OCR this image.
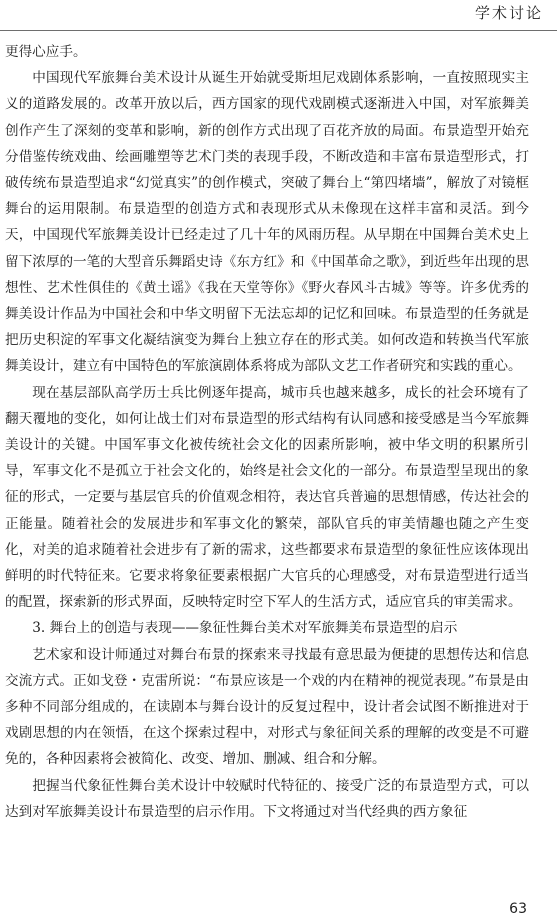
学术讨论

更得心应手。

中国现代军旅舞台美术设计从诞生开始就受斯坦尼戏剧体系影响，一直按照现实主义的道路发展的。改革开放以后，西方国家的现代戏剧模式逐渐进入中国，对军旅舞美创作产生了深刻的变革和影响，新的创作方式出现了百花齐放的局面。布景造型开始充分借鉴传统戏曲、绘画雕塑等艺术门类的表现手段，不断改造和丰富布景造型形式，打破传统布景造型追求“幻觉真实”的创作模式，突破了舞台上“第四堵墙”，解放了对镜框舞台的运用限制。布景造型的创造方式和表现形式从未像现在这样丰富和灵活。到今天，中国现代军旅舞美设计已经走过了几十年的风雨历程。从早期在中国舞台美术史上留下浓厚的一笔的大型音乐舞蹈史诗《东方红》和《中国革命之歌》，到近些年出现的思想性、艺术性俱佳的《黄土谣》《我在天堂等你》《野火春风斗古城》等等。许多优秀的舞美设计作品为中国社会和中华文明留下无法忘却的记忆和回味。布景造型的任务就是把历史积淀的军事文化凝结演变为舞台上独立存在的形式美。如何改造和转换当代军旅舞美设计，建立有中国特色的军旅演剧体系将成为部队文艺工作者研究和实践的重心。

现在基层部队高学历士兵比例逐年提高，城市兵也越来越多，成长的社会环境有了翻天覆地的变化，如何让战士们对布景造型的形式结构有认同感和接受感是当今军旅舞美设计的关键。中国军事文化被传统社会文化的因素所影响，被中华文明的积累所引导，军事文化不是孤立于社会文化的，始终是社会文化的一部分。布景造型呈现出的象征的形式，一定要与基层官兵的价值观念相符，表达官兵普遍的思想情感，传达社会的正能量。随着社会的发展进步和军事文化的繁荣，部队官兵的审美情趣也随之产生变化，对美的追求随着社会进步有了新的需求，这些都要求布景造型的象征性应该体现出鲜明的时代特征来。它要求将象征要素根据广大官兵的心理感受，对布景造型进行适当的配置，探索新的形式界面，反映特定时空下军人的生活方式，适应官兵的审美需求。

3. 舞台上的创造与表现——象征性舞台美术对军旅舞美布景造型的启示

艺术家和设计师通过对舞台布景的探索来寻找最有意思最为便捷的思想传达和信息交流方式。正如戈登・克雷所说：“布景应该是一个戏的内在精神的视觉表现。”布景是由多种不同部分组成的，在读剧本与舞台设计的反复过程中，设计者会试图不断推进对于戏剧思想的内在领悟，在这个探索过程中，对形式与象征间关系的理解的改变是不可避免的，各种因素将会被简化、改变、增加、删减、组合和分解。

把握当代象征性舞台美术设计中较赋时代特征的、接受广泛的布景造型方式，可以达到对军旅舞美设计布景造型的启示作用。下文将通过对当代经典的西方象征

63
